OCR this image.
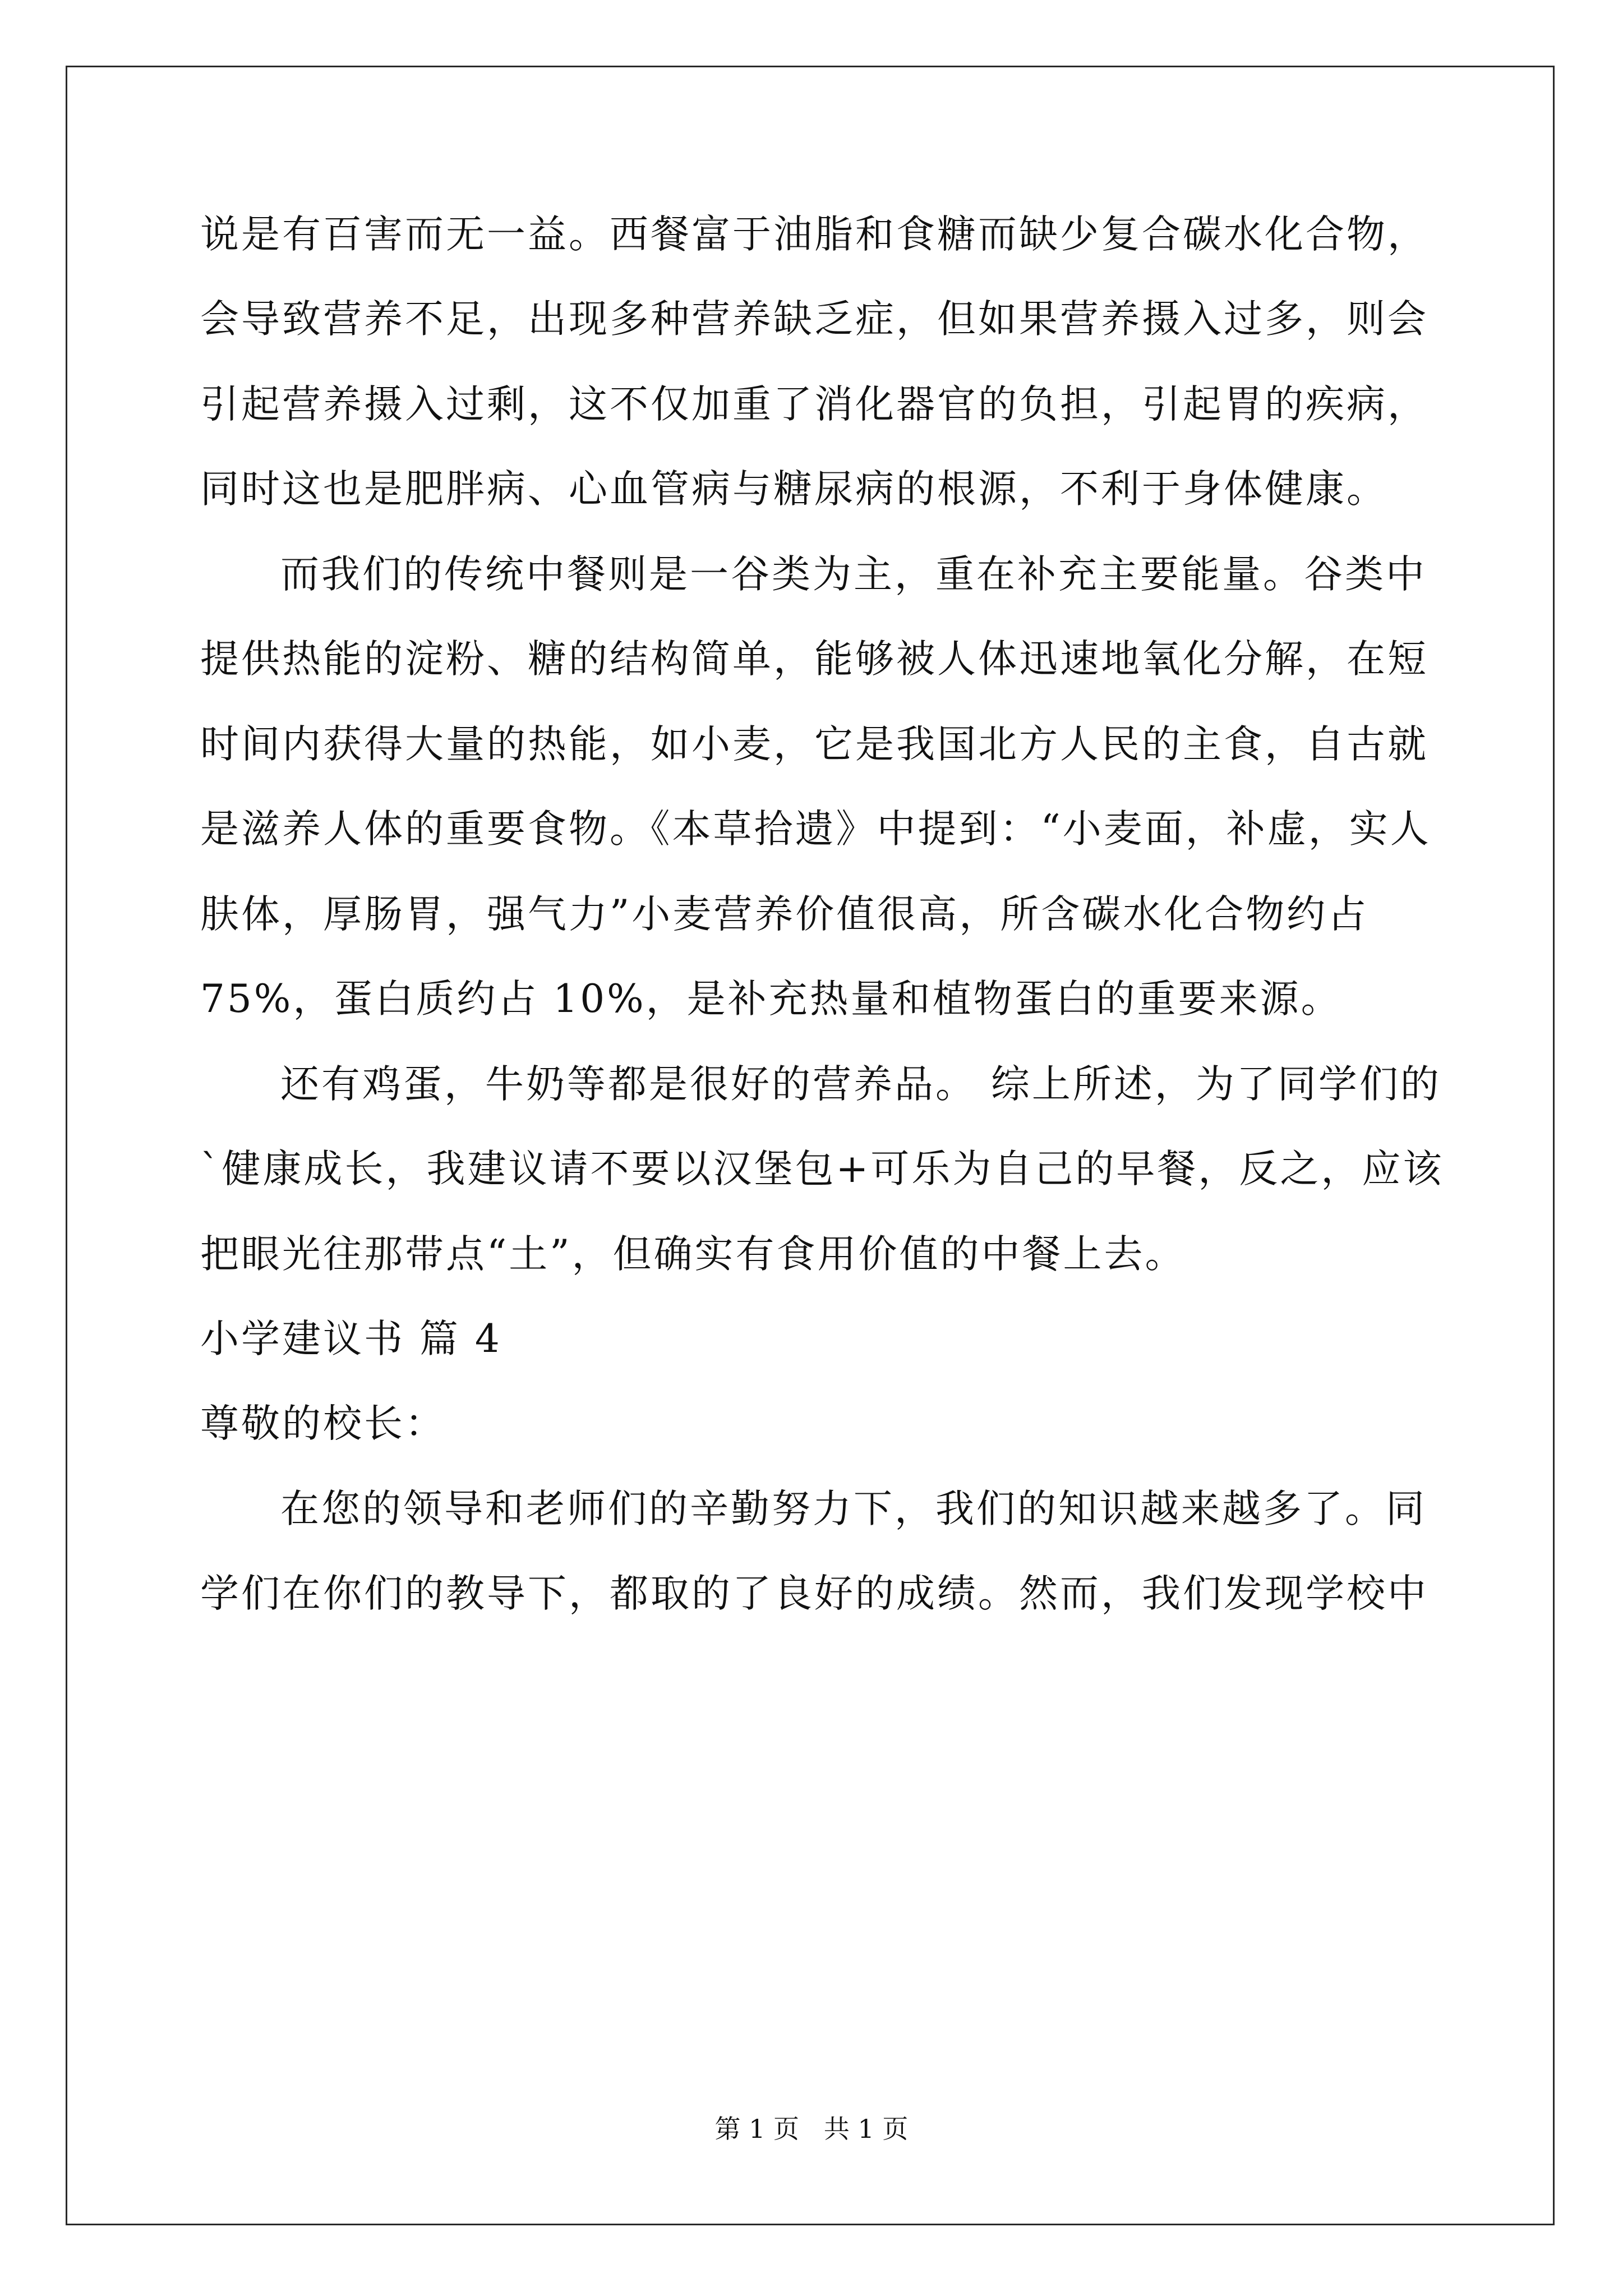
说是有百害而无一益。西餐富于油脂和食糖而缺少复合碳水化合物，
会导致营养不足，出现多种营养缺乏症，但如果营养摄入过多，则会
引起营养摄入过剩，这不仅加重了消化器官的负担，引起胃的疾病，
同时这也是肥胖病、心血管病与糖尿病的根源，不利于身体健康。
而我们的传统中餐则是一谷类为主，重在补充主要能量。谷类中
提供热能的淀粉、糖的结构简单，能够被人体迅速地氧化分解，在短
时间内获得大量的热能，如小麦，它是我国北方人民的主食，自古就
是滋养人体的重要食物。《本草拾遗》中提到：“小麦面，补虚，实人
肤体，厚肠胃，强气力”小麦营养价值很高，所含碳水化合物约占
75%，蛋白质约占 10%，是补充热量和植物蛋白的重要来源。
还有鸡蛋，牛奶等都是很好的营养品。 综上所述，为了同学们的
`健康成长，我建议请不要以汉堡包+可乐为自己的早餐，反之，应该
把眼光往那带点“土”，但确实有食用价值的中餐上去。
小学建议书 篇 4
尊敬的校长：
在您的领导和老师们的辛勤努力下，我们的知识越来越多了。同
学们在你们的教导下，都取的了良好的成绩。然而，我们发现学校中
第 1 页   共 1 页
